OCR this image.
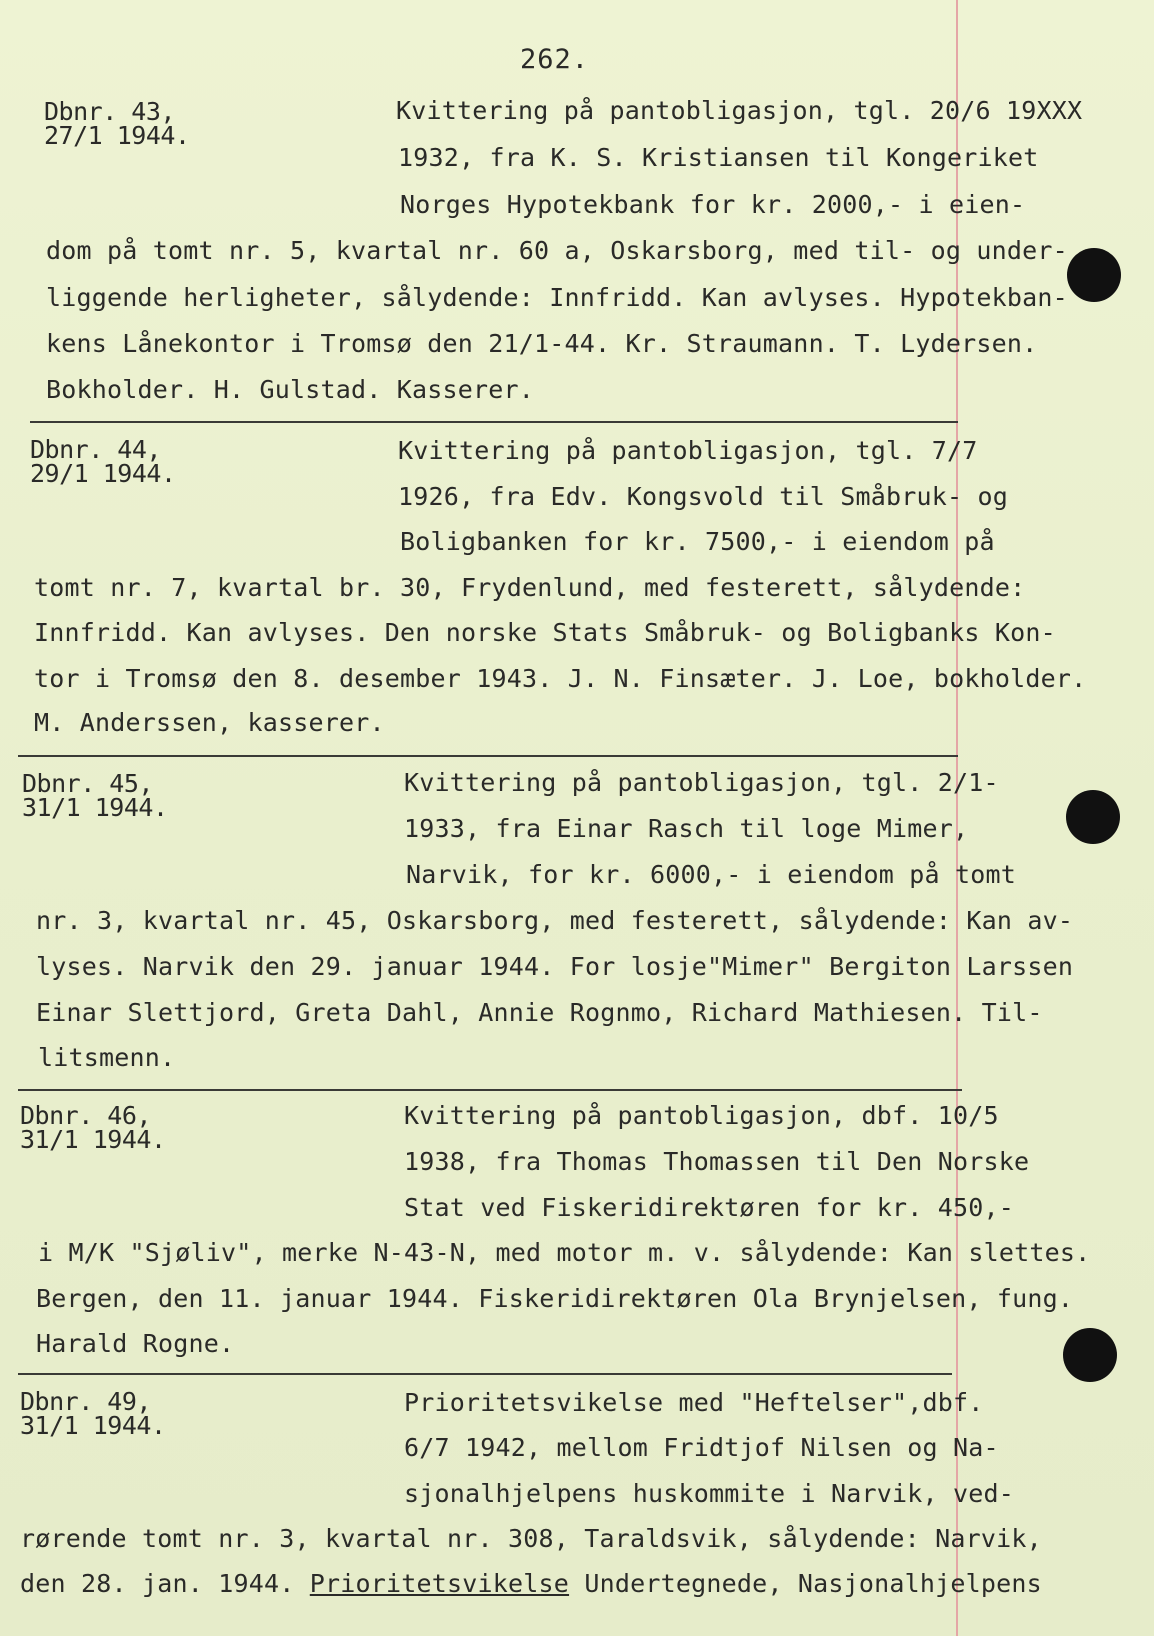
262.
Dbnr. 43,
27/1 1944.
Kvittering på pantobligasjon, tgl. 20/6 19XXX
1932, fra K. S. Kristiansen til Kongeriket
Norges Hypotekbank for kr. 2000,- i eien-
dom på tomt nr. 5, kvartal nr. 60 a, Oskarsborg, med til- og under-
liggende herligheter, sålydende: Innfridd. Kan avlyses. Hypotekban-
kens Lånekontor i Tromsø den 21/1-44. Kr. Straumann. T. Lydersen.
Bokholder. H. Gulstad. Kasserer.
Dbnr. 44,
29/1 1944.
Kvittering på pantobligasjon, tgl. 7/7
1926, fra Edv. Kongsvold til Småbruk- og
Boligbanken for kr. 7500,- i eiendom på
tomt nr. 7, kvartal br. 30, Frydenlund, med festerett, sålydende:
Innfridd. Kan avlyses. Den norske Stats Småbruk- og Boligbanks Kon-
tor i Tromsø den 8. desember 1943. J. N. Finsæter. J. Loe, bokholder.
M. Anderssen, kasserer.
Dbnr. 45,
31/1 1944.
Kvittering på pantobligasjon, tgl. 2/1-
1933, fra Einar Rasch til loge Mimer,
Narvik, for kr. 6000,- i eiendom på tomt
nr. 3, kvartal nr. 45, Oskarsborg, med festerett, sålydende: Kan av-
lyses. Narvik den 29. januar 1944. For losje"Mimer" Bergiton Larssen
Einar Slettjord, Greta Dahl, Annie Rognmo, Richard Mathiesen. Til-
litsmenn.
Dbnr. 46,
31/1 1944.
Kvittering på pantobligasjon, dbf. 10/5
1938, fra Thomas Thomassen til Den Norske
Stat ved Fiskeridirektøren for kr. 450,-
i M/K "Sjøliv", merke N-43-N, med motor m. v. sålydende: Kan slettes.
Bergen, den 11. januar 1944. Fiskeridirektøren Ola Brynjelsen, fung.
Harald Rogne.
Dbnr. 49,
31/1 1944.
Prioritetsvikelse med "Heftelser",dbf.
6/7 1942, mellom Fridtjof Nilsen og Na-
sjonalhjelpens huskommite i Narvik, ved-
rørende tomt nr. 3, kvartal nr. 308, Taraldsvik, sålydende: Narvik,
den 28. jan. 1944. Prioritetsvikelse Undertegnede, Nasjonalhjelpens
